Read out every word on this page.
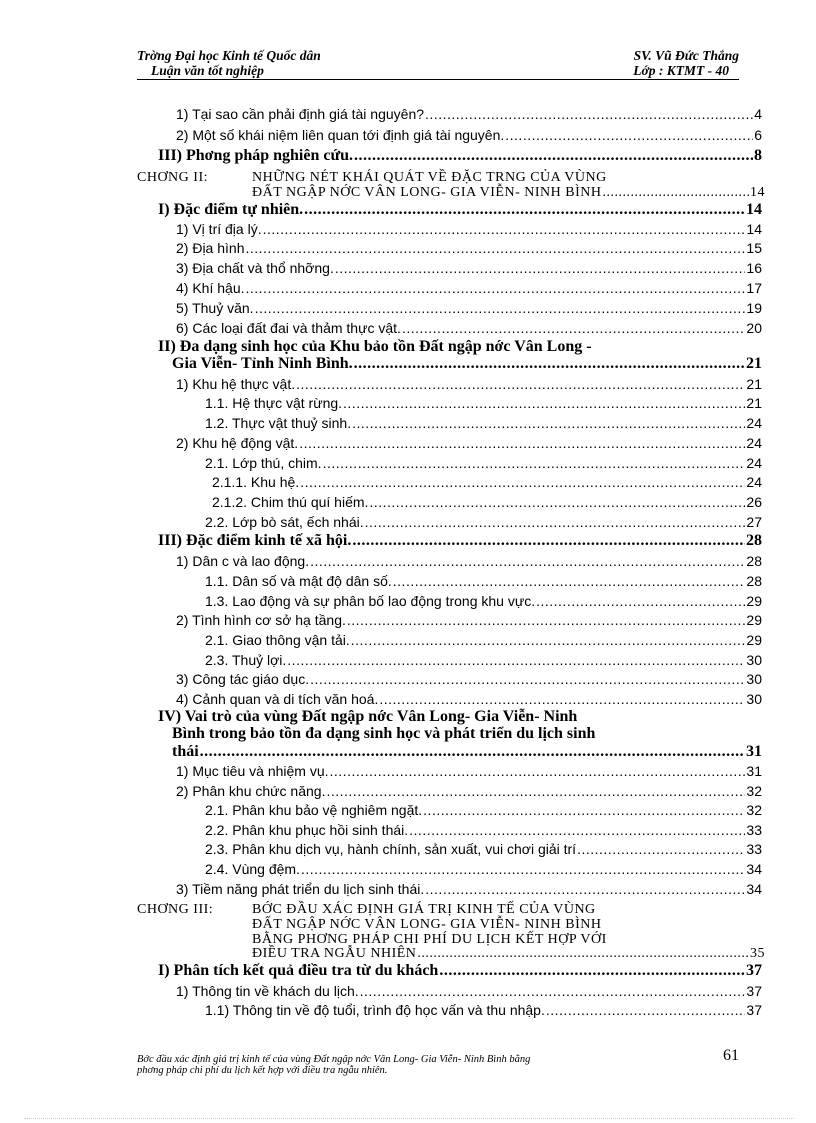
Trờng Đại học Kinh tế Quốc dân	SV. Vũ Đức Thắng
Luận văn tốt nghiệp	Lớp : KTMT - 40
1) Tại sao cần phải định giá tài nguyên? .....	4
2) Một số khái niệm liên quan tới định giá tài nguyên. .....	6
III) Phơng pháp nghiên cứu. .....	8
CHƠNG II:	NHỮNG NÉT KHÁI QUÁT VỀ ĐẶC TRNG CỦA VÙNG
ĐẤT NGẬP NỚC VÂN LONG- GIA VIỄN- NINH BÌNH .....	14
I) Đặc điểm tự nhiên. .....	14
1) Vị trí địa lý. .....	14
2) Địa hình .....	15
3) Địa chất và thổ nhỡng. .....	16
4) Khí hậu. .....	17
5) Thuỷ văn. .....	19
6) Các loại đất đai và thảm thực vật. .....	20
II) Đa dạng sinh học của Khu bảo tồn Đất ngập nớc Vân Long -
Gia Viễn- Tỉnh Ninh Bình. .....	21
1) Khu hệ thực vật. .....	21
1.1. Hệ thực vật rừng. .....	21
1.2. Thực vật thuỷ sinh. .....	24
2) Khu hệ động vật. .....	24
2.1. Lớp thú, chim. .....	24
2.1.1. Khu hệ. .....	24
2.1.2. Chim thú quí hiếm. .....	26
2.2. Lớp bò sát, ếch nhái. .....	27
III) Đặc điểm kinh tế xã hội. .....	28
1) Dân c và lao động. .....	28
1.1. Dân số và mật độ dân số. .....	28
1.3. Lao động và sự phân bố lao động trong khu vực. .....	29
2) Tình hình cơ sở hạ tầng. .....	29
2.1. Giao thông vận tải. .....	29
2.3. Thuỷ lợi. .....	30
3) Công tác giáo dục. .....	30
4) Cảnh quan và di tích văn hoá. .....	30
IV) Vai trò của vùng Đất ngập nớc Vân Long- Gia Viễn- Ninh
Bình trong bảo tồn đa dạng sinh học và phát triển du lịch sinh
thái .....	31
1) Mục tiêu và nhiệm vụ. .....	31
2) Phân khu chức năng. .....	32
2.1. Phân khu bảo vệ nghiêm ngặt. .....	32
2.2. Phân khu phục hồi sinh thái. .....	33
2.3. Phân khu dịch vụ, hành chính, sản xuất, vui chơi giải trí .....	33
2.4. Vùng đệm. .....	34
3) Tiềm năng phát triển du lịch sinh thái. .....	34
CHƠNG III:	BỚC ĐẦU XÁC ĐỊNH GIÁ TRỊ KINH TẾ CỦA VÙNG
ĐẤT NGẬP NỚC VÂN LONG- GIA VIỄN- NINH BÌNH
BẰNG PHƠNG PHÁP CHI PHÍ DU LỊCH KẾT HỢP VỚI
ĐIỀU TRA NGẪU NHIÊN .....	35
I) Phân tích kết quả điều tra từ du khách .....	37
1) Thông tin về khách du lịch. .....	37
1.1) Thông tin về độ tuổi, trình độ học vấn và thu nhập. .....	37
Bớc đầu xác định giá trị kinh tế của vùng Đất ngập nớc Vân Long- Gia Viễn- Ninh Bình bằng
phơng pháp chi phí du lịch kết hợp với điều tra ngẫu nhiên.
61
